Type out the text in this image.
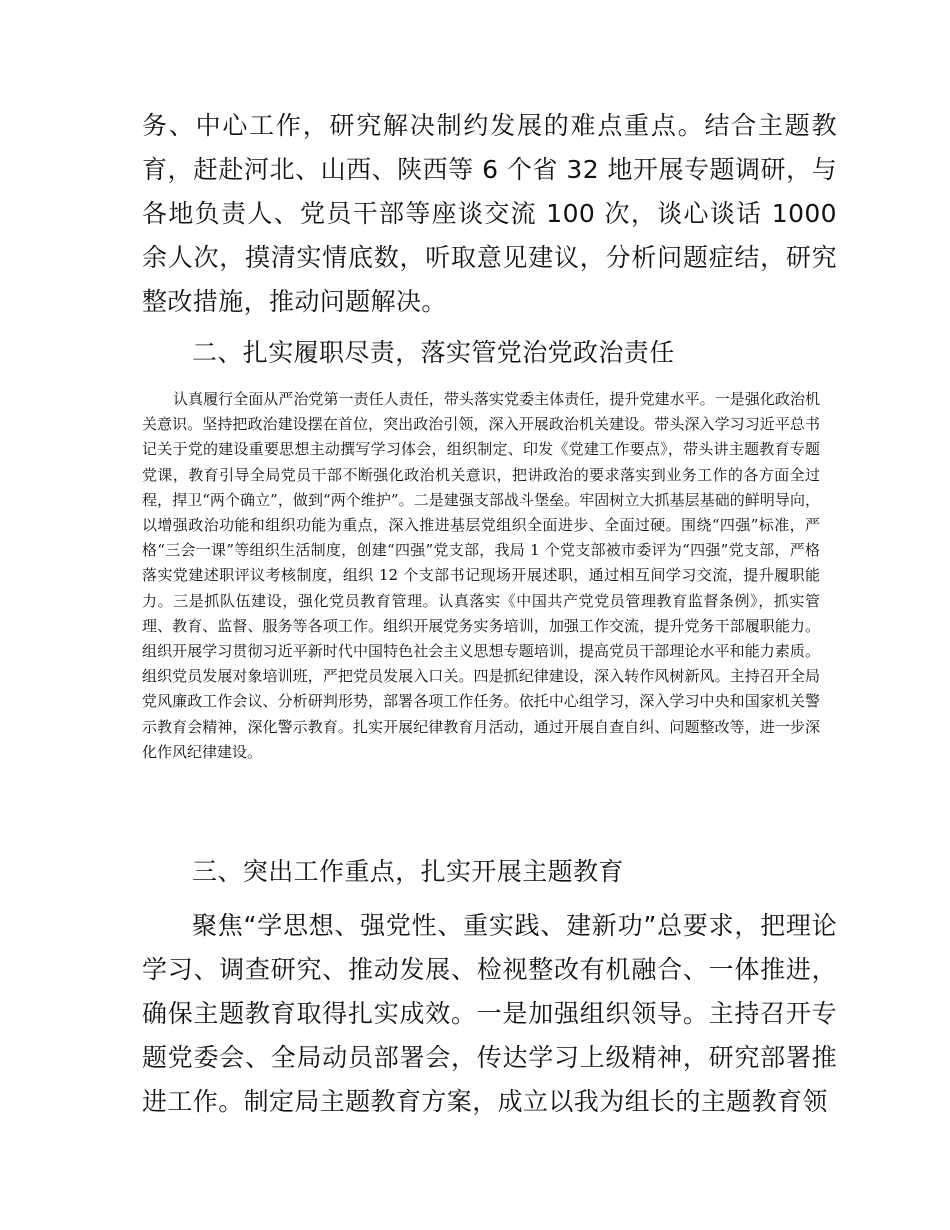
务、中心工作，研究解决制约发展的难点重点。结合主题教育，赶赴河北、山西、陕西等 6 个省 32 地开展专题调研，与各地负责人、党员干部等座谈交流 100 次，谈心谈话 1000 余人次，摸清实情底数，听取意见建议，分析问题症结，研究整改措施，推动问题解决。

二、扎实履职尽责，落实管党治党政治责任

认真履行全面从严治党第一责任人责任，带头落实党委主体责任，提升党建水平。一是强化政治机关意识。坚持把政治建设摆在首位，突出政治引领，深入开展政治机关建设。带头深入学习习近平总书记关于党的建设重要思想主动撰写学习体会，组织制定、印发《党建工作要点》，带头讲主题教育专题党课，教育引导全局党员干部不断强化政治机关意识，把讲政治的要求落实到业务工作的各方面全过程，捍卫“两个确立”，做到“两个维护”。二是建强支部战斗堡垒。牢固树立大抓基层基础的鲜明导向，以增强政治功能和组织功能为重点，深入推进基层党组织全面进步、全面过硬。围绕“四强”标准，严格“三会一课”等组织生活制度，创建“四强”党支部，我局 1 个党支部被市委评为“四强”党支部，严格落实党建述职评议考核制度，组织 12 个支部书记现场开展述职，通过相互间学习交流，提升履职能力。三是抓队伍建设，强化党员教育管理。认真落实《中国共产党党员管理教育监督条例》，抓实管理、教育、监督、服务等各项工作。组织开展党务实务培训，加强工作交流，提升党务干部履职能力。组织开展学习贯彻习近平新时代中国特色社会主义思想专题培训，提高党员干部理论水平和能力素质。组织党员发展对象培训班，严把党员发展入口关。四是抓纪律建设，深入转作风树新风。主持召开全局党风廉政工作会议、分析研判形势，部署各项工作任务。依托中心组学习，深入学习中央和国家机关警示教育会精神，深化警示教育。扎实开展纪律教育月活动，通过开展自查自纠、问题整改等，进一步深化作风纪律建设。

三、突出工作重点，扎实开展主题教育

聚焦“学思想、强党性、重实践、建新功”总要求，把理论学习、调查研究、推动发展、检视整改有机融合、一体推进，确保主题教育取得扎实成效。一是加强组织领导。主持召开专题党委会、全局动员部署会，传达学习上级精神，研究部署推进工作。制定局主题教育方案，成立以我为组长的主题教育领
